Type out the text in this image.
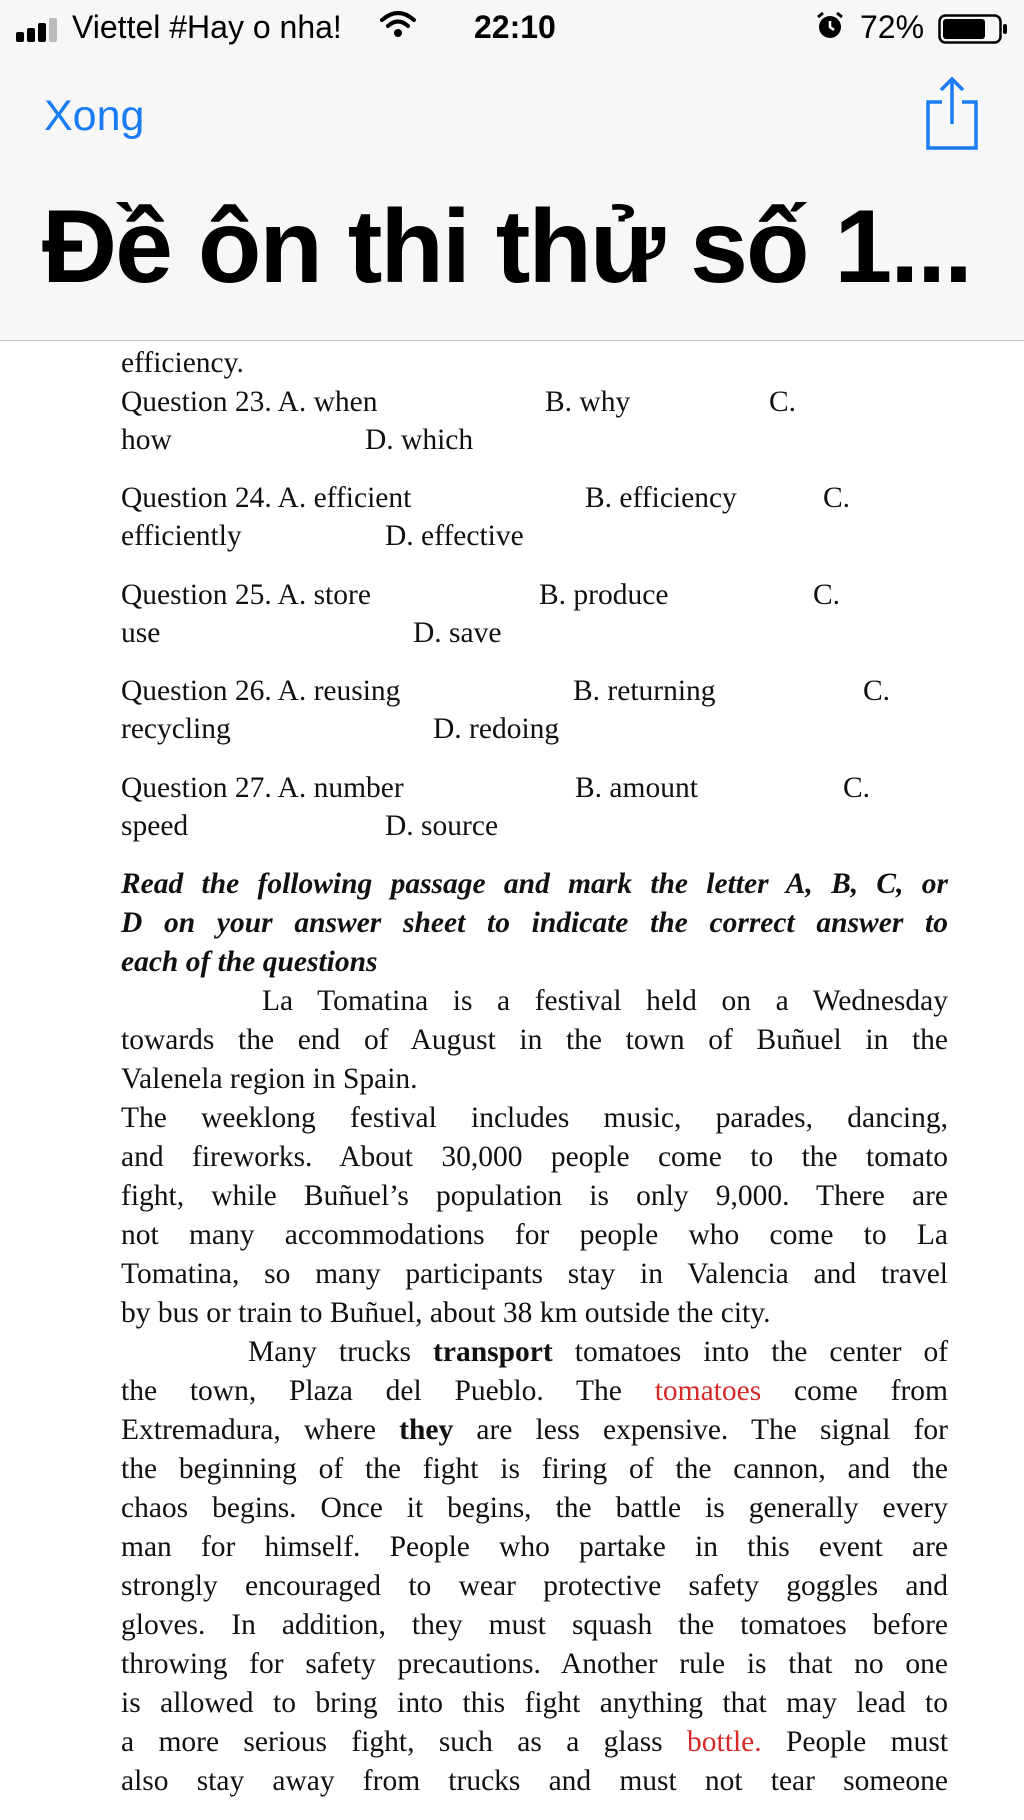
Viettel #Hay o nha!	22:10	72%
Xong
Đề ôn thi thử số 1...
efficiency.
Question 23. A. when	B. why	C.
how	D. which
Question 24. A. efficient	B. efficiency	C.
efficiently	D. effective
Question 25. A. store	B. produce	C.
use	D. save
Question 26. A. reusing	B. returning	C.
recycling	D. redoing
Question 27. A. number	B. amount	C.
speed	D. source
Read the following passage and mark the letter A, B, C, or
D on your answer sheet to indicate the correct answer to
each of the questions
La Tomatina is a festival held on a Wednesday
towards the end of August in the town of Buñuel in the
Valenela region in Spain.
The weeklong festival includes music, parades, dancing,
and fireworks. About 30,000 people come to the tomato
fight, while Buñuel’s population is only 9,000. There are
not many accommodations for people who come to La
Tomatina, so many participants stay in Valencia and travel
by bus or train to Buñuel, about 38 km outside the city.
Many trucks transport tomatoes into the center of
the town, Plaza del Pueblo. The tomatoes come from
Extremadura, where they are less expensive. The signal for
the beginning of the fight is firing of the cannon, and the
chaos begins. Once it begins, the battle is generally every
man for himself. People who partake in this event are
strongly encouraged to wear protective safety goggles and
gloves. In addition, they must squash the tomatoes before
throwing for safety precautions. Another rule is that no one
is allowed to bring into this fight anything that may lead to
a more serious fight, such as a glass bottle. People must
also stay away from trucks and must not tear someone
